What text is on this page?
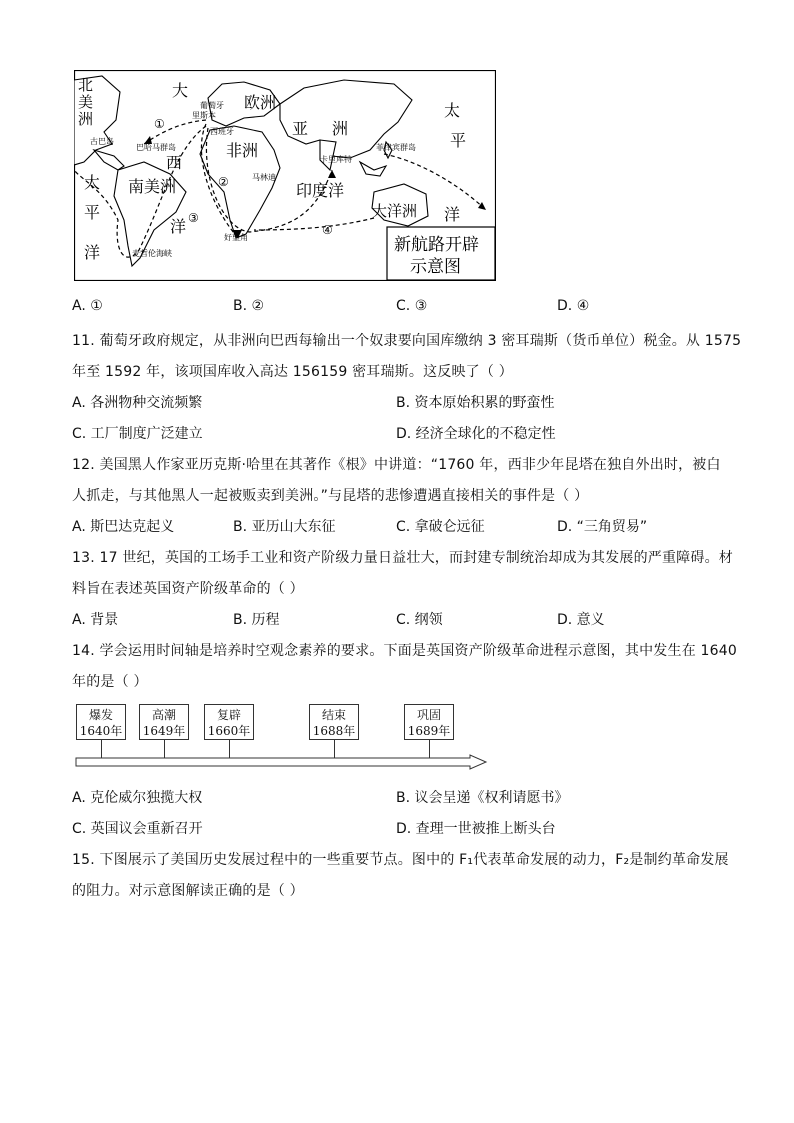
北 美 洲
大
西
洋
太
平
洋
欧洲
亚 洲
非洲
南美洲	印度洋
大洋洲
太
平
洋
葡萄牙
里斯本
西班牙
古巴岛
巴哈马群岛
卡里库特
菲律宾群岛
马林迪
好望角
麦哲伦海峡
①
②
③
④
新航路开辟
示意图
A. ①	B. ②	C. ③	D. ④
11. 葡萄牙政府规定，从非洲向巴西每输出一个奴隶要向国库缴纳 3 密耳瑞斯（货币单位）税金。从 1575
年至 1592 年，该项国库收入高达 156159 密耳瑞斯。这反映了（ ）
A. 各洲物种交流频繁	B. 资本原始积累的野蛮性
C. 工厂制度广泛建立	D. 经济全球化的不稳定性
12. 美国黑人作家亚历克斯·哈里在其著作《根》中讲道：“1760 年，西非少年昆塔在独自外出时，被白
人抓走，与其他黑人一起被贩卖到美洲。”与昆塔的悲惨遭遇直接相关的事件是（ ）
A. 斯巴达克起义	B. 亚历山大东征	C. 拿破仑远征	D. “三角贸易”
13. 17 世纪，英国的工场手工业和资产阶级力量日益壮大，而封建专制统治却成为其发展的严重障碍。材
料旨在表述英国资产阶级革命的（ ）
A. 背景	B. 历程	C. 纲领	D. 意义
14. 学会运用时间轴是培养时空观念素养的要求。下面是英国资产阶级革命进程示意图，其中发生在 1640
年的是（ ）
爆发
1640年
高潮
1649年
复辟
1660年
结束
1688年
巩固
1689年
A. 克伦威尔独揽大权	B. 议会呈递《权利请愿书》
C. 英国议会重新召开	D. 查理一世被推上断头台
15. 下图展示了美国历史发展过程中的一些重要节点。图中的 F₁代表革命发展的动力，F₂是制约革命发展
的阻力。对示意图解读正确的是（ ）
